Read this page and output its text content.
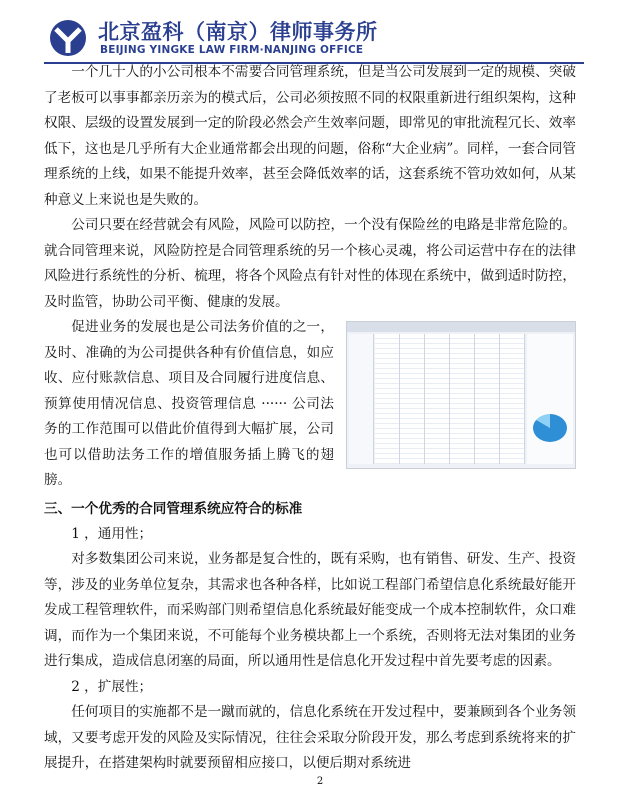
北京盈科（南京）律师事务所
BEIJING YINGKE LAW FIRM·NANJING OFFICE

一个几十人的小公司根本不需要合同管理系统，但是当公司发展到一定的规模、突破了老板可以事事都亲历亲为的模式后，公司必须按照不同的权限重新进行组织架构，这种权限、层级的设置发展到一定的阶段必然会产生效率问题，即常见的审批流程冗长、效率低下，这也是几乎所有大企业通常都会出现的问题，俗称“大企业病”。同样，一套合同管理系统的上线，如果不能提升效率，甚至会降低效率的话，这套系统不管功效如何，从某种意义上来说也是失败的。

公司只要在经营就会有风险，风险可以防控，一个没有保险丝的电路是非常危险的。就合同管理来说，风险防控是合同管理系统的另一个核心灵魂，将公司运营中存在的法律风险进行系统性的分析、梳理，将各个风险点有针对性的体现在系统中，做到适时防控，及时监管，协助公司平衡、健康的发展。

促进业务的发展也是公司法务价值的之一，及时、准确的为公司提供各种有价值信息，如应收、应付账款信息、项目及合同履行进度信息、预算使用情况信息、投资管理信息 ······ 公司法务的工作范围可以借此价值得到大幅扩展，公司也可以借助法务工作的增值服务插上腾飞的翅膀。

三、一个优秀的合同管理系统应符合的标准

1 ，通用性；

对多数集团公司来说，业务都是复合性的，既有采购，也有销售、研发、生产、投资等，涉及的业务单位复杂，其需求也各种各样，比如说工程部门希望信息化系统最好能开发成工程管理软件，而采购部门则希望信息化系统最好能变成一个成本控制软件，众口难调，而作为一个集团来说，不可能每个业务模块都上一个系统，否则将无法对集团的业务进行集成，造成信息闭塞的局面，所以通用性是信息化开发过程中首先要考虑的因素。

2 ，扩展性；

任何项目的实施都不是一蹴而就的，信息化系统在开发过程中，要兼顾到各个业务领域，又要考虑开发的风险及实际情况，往往会采取分阶段开发，那么考虑到系统将来的扩展提升，在搭建架构时就要预留相应接口，以便后期对系统进

2
